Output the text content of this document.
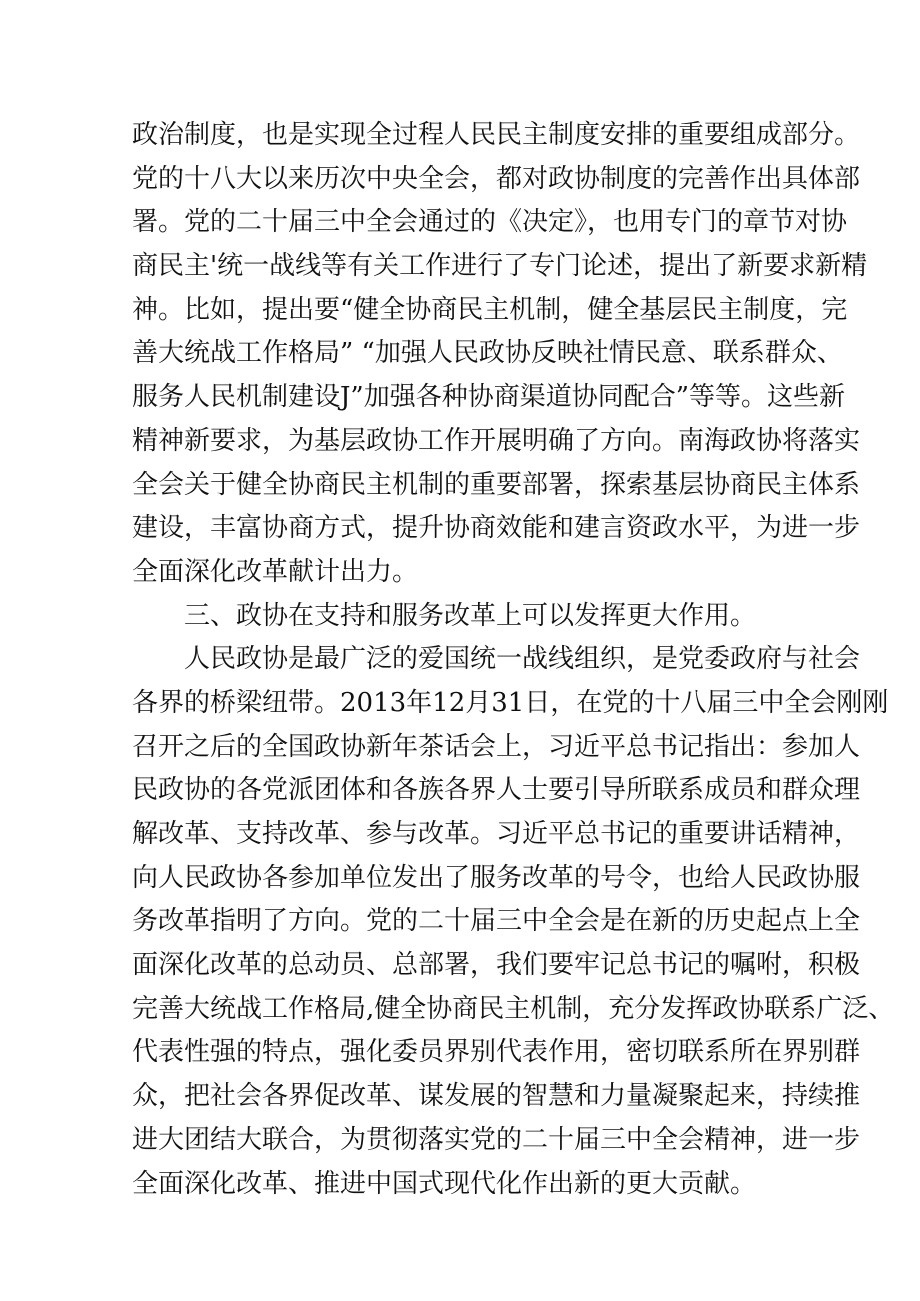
政治制度，也是实现全过程人民民主制度安排的重要组成部分。
党的十八大以来历次中央全会，都对政协制度的完善作出具体部
署。党的二十届三中全会通过的《决定》，也用专门的章节对协
商民主'统一战线等有关工作进行了专门论述，提出了新要求新精
神。比如，提出要“健全协商民主机制，健全基层民主制度，完
善大统战工作格局” “加强人民政协反映社情民意、联系群众、
服务人民机制建设J”加强各种协商渠道协同配合”等等。这些新
精神新要求，为基层政协工作开展明确了方向。南海政协将落实
全会关于健全协商民主机制的重要部署，探索基层协商民主体系
建设，丰富协商方式，提升协商效能和建言资政水平，为进一步
全面深化改革献计出力。
三、政协在支持和服务改革上可以发挥更大作用。
人民政协是最广泛的爱国统一战线组织，是党委政府与社会
各界的桥梁纽带。2013年12月31日，在党的十八届三中全会刚刚
召开之后的全国政协新年茶话会上，习近平总书记指出：参加人
民政协的各党派团体和各族各界人士要引导所联系成员和群众理
解改革、支持改革、参与改革。习近平总书记的重要讲话精神，
向人民政协各参加单位发出了服务改革的号令，也给人民政协服
务改革指明了方向。党的二十届三中全会是在新的历史起点上全
面深化改革的总动员、总部署，我们要牢记总书记的嘱咐，积极
完善大统战工作格局,健全协商民主机制，充分发挥政协联系广泛、
代表性强的特点，强化委员界别代表作用，密切联系所在界别群
众，把社会各界促改革、谋发展的智慧和力量凝聚起来，持续推
进大团结大联合，为贯彻落实党的二十届三中全会精神，进一步
全面深化改革、推进中国式现代化作出新的更大贡献。
